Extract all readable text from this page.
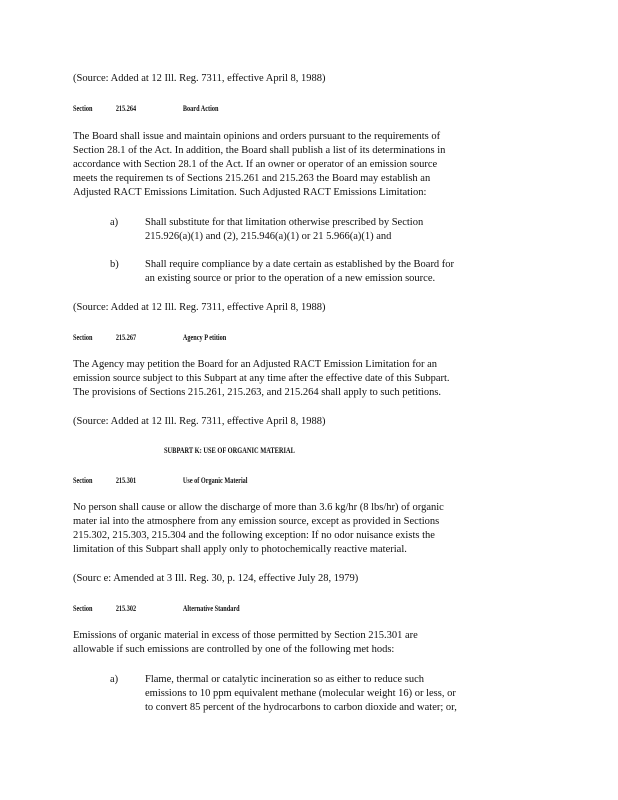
(Source: Added at 12 Ill. Reg. 7311, effective April 8, 1988)
Section	215.264	Board Action
The Board shall issue and maintain opinions and orders pursuant to the requirements of
Section 28.1 of the Act. In addition, the Board shall publish a list of its determinations in
accordance with Section 28.1 of the Act. If an owner or operator of an emission source
meets the requiremen ts of Sections 215.261 and 215.263 the Board may establish an
Adjusted RACT Emissions Limitation. Such Adjusted RACT Emissions Limitation:
a)	Shall substitute for that limitation otherwise prescribed by Section
215.926(a)(1) and (2), 215.946(a)(1) or 21 5.966(a)(1) and
b)	Shall require compliance by a date certain as established by the Board for
an existing source or prior to the operation of a new emission source.
(Source: Added at 12 Ill. Reg. 7311, effective April 8, 1988)
Section	215.267	Agency P etition
The Agency may petition the Board for an Adjusted RACT Emission Limitation for an
emission source subject to this Subpart at any time after the effective date of this Subpart.
The provisions of Sections 215.261, 215.263, and 215.264 shall apply to such petitions.
(Source: Added at 12 Ill. Reg. 7311, effective April 8, 1988)
SUBPART K: USE OF ORGANIC MATERIAL
Section	215.301	Use of Organic Material
No person shall cause or allow the discharge of more than 3.6 kg/hr (8 lbs/hr) of organic
mater ial into the atmosphere from any emission source, except as provided in Sections
215.302, 215.303, 215.304 and the following exception: If no odor nuisance exists the
limitation of this Subpart shall apply only to photochemically reactive material.
(Sourc e: Amended at 3 Ill. Reg. 30, p. 124, effective July 28, 1979)
Section	215.302	Alternative Standard
Emissions of organic material in excess of those permitted by Section 215.301 are
allowable if such emissions are controlled by one of the following met hods:
a)	Flame, thermal or catalytic incineration so as either to reduce such
emissions to 10 ppm equivalent methane (molecular weight 16) or less, or
to convert 85 percent of the hydrocarbons to carbon dioxide and water; or,
